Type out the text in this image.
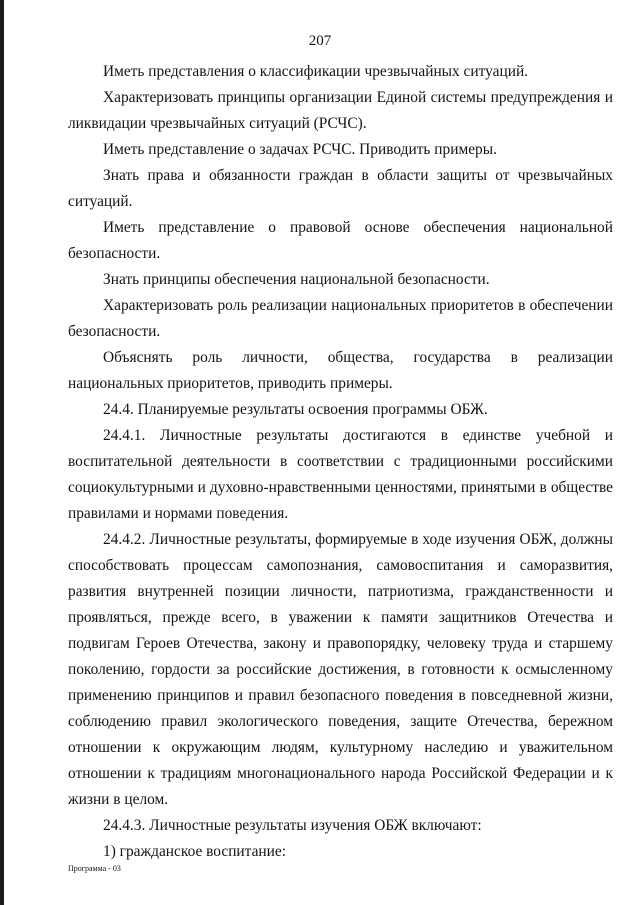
207

Иметь представления о классификации чрезвычайных ситуаций.

Характеризовать принципы организации Единой системы предупреждения и ликвидации чрезвычайных ситуаций (РСЧС).

Иметь представление о задачах РСЧС. Приводить примеры.

Знать права и обязанности граждан в области защиты от чрезвычайных ситуаций.

Иметь представление о правовой основе обеспечения национальной безопасности.

Знать принципы обеспечения национальной безопасности.

Характеризовать роль реализации национальных приоритетов в обеспечении безопасности.

Объяснять роль личности, общества, государства в реализации национальных приоритетов, приводить примеры.

24.4. Планируемые результаты освоения программы ОБЖ.

24.4.1. Личностные результаты достигаются в единстве учебной и воспитательной деятельности в соответствии с традиционными российскими социокультурными и духовно-нравственными ценностями, принятыми в обществе правилами и нормами поведения.

24.4.2. Личностные результаты, формируемые в ходе изучения ОБЖ, должны способствовать процессам самопознания, самовоспитания и саморазвития, развития внутренней позиции личности, патриотизма, гражданственности и проявляться, прежде всего, в уважении к памяти защитников Отечества и подвигам Героев Отечества, закону и правопорядку, человеку труда и старшему поколению, гордости за российские достижения, в готовности к осмысленному применению принципов и правил безопасного поведения в повседневной жизни, соблюдению правил экологического поведения, защите Отечества, бережном отношении к окружающим людям, культурному наследию и уважительном отношении к традициям многонационального народа Российской Федерации и к жизни в целом.

24.4.3. Личностные результаты изучения ОБЖ включают:

1) гражданское воспитание:

Программа - 03
